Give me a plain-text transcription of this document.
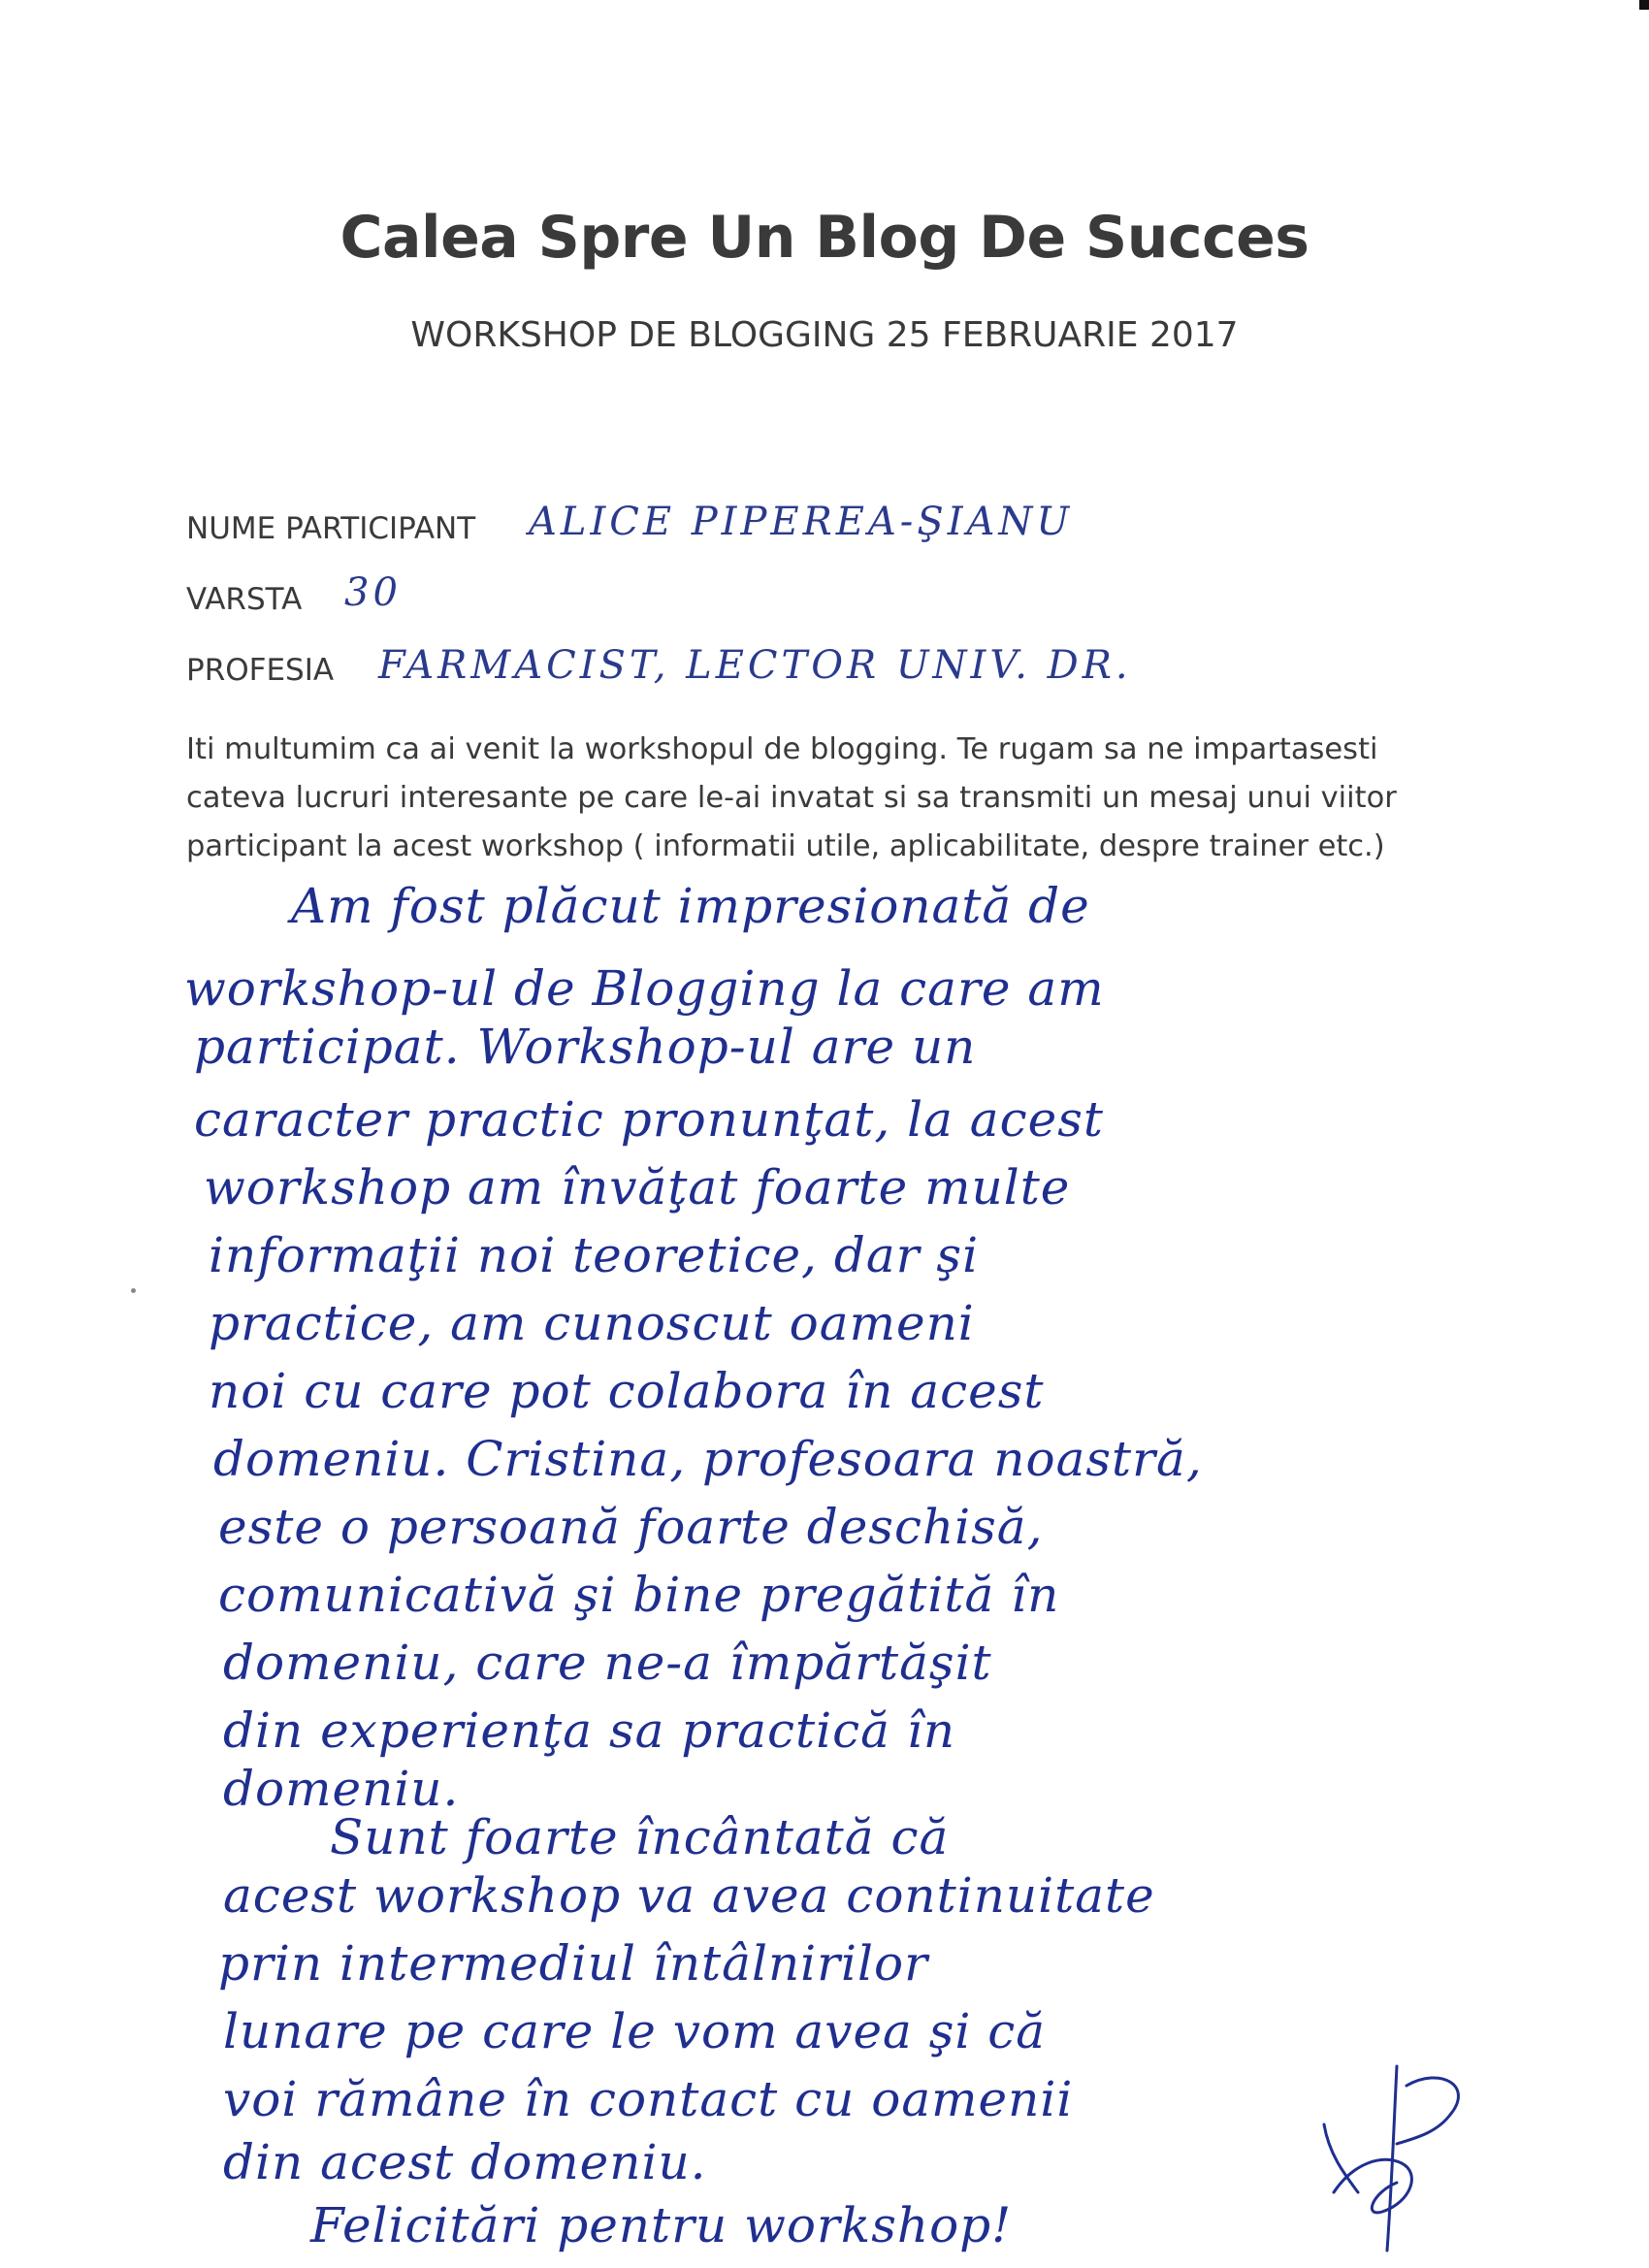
Calea Spre Un Blog De Succes
WORKSHOP DE BLOGGING 25 FEBRUARIE 2017
NUME PARTICIPANT ALICE PIPEREA-ŞIANU
VARSTA 30
PROFESIA FARMACIST, LECTOR UNIV. DR.
Iti multumim ca ai venit la workshopul de blogging. Te rugam sa ne impartasesti cateva lucruri interesante pe care le-ai invatat si sa transmiti un mesaj unui viitor participant la acest workshop ( informatii utile, aplicabilitate, despre trainer etc.)
Am fost plăcut impresionată de
workshop-ul de Blogging la care am
participat. Workshop-ul are un
caracter practic pronunţat, la acest
workshop am învăţat foarte multe
informaţii noi teoretice, dar şi
practice, am cunoscut oameni
noi cu care pot colabora în acest
domeniu. Cristina, profesoara noastră,
este o persoană foarte deschisă,
comunicativă şi bine pregătită în
domeniu, care ne-a împărtăşit
din experienţa sa practică în
domeniu.
Sunt foarte încântată că
acest workshop va avea continuitate
prin intermediul întâlnirilor
lunare pe care le vom avea şi că
voi rămâne în contact cu oamenii
din acest domeniu.
Felicitări pentru workshop!
